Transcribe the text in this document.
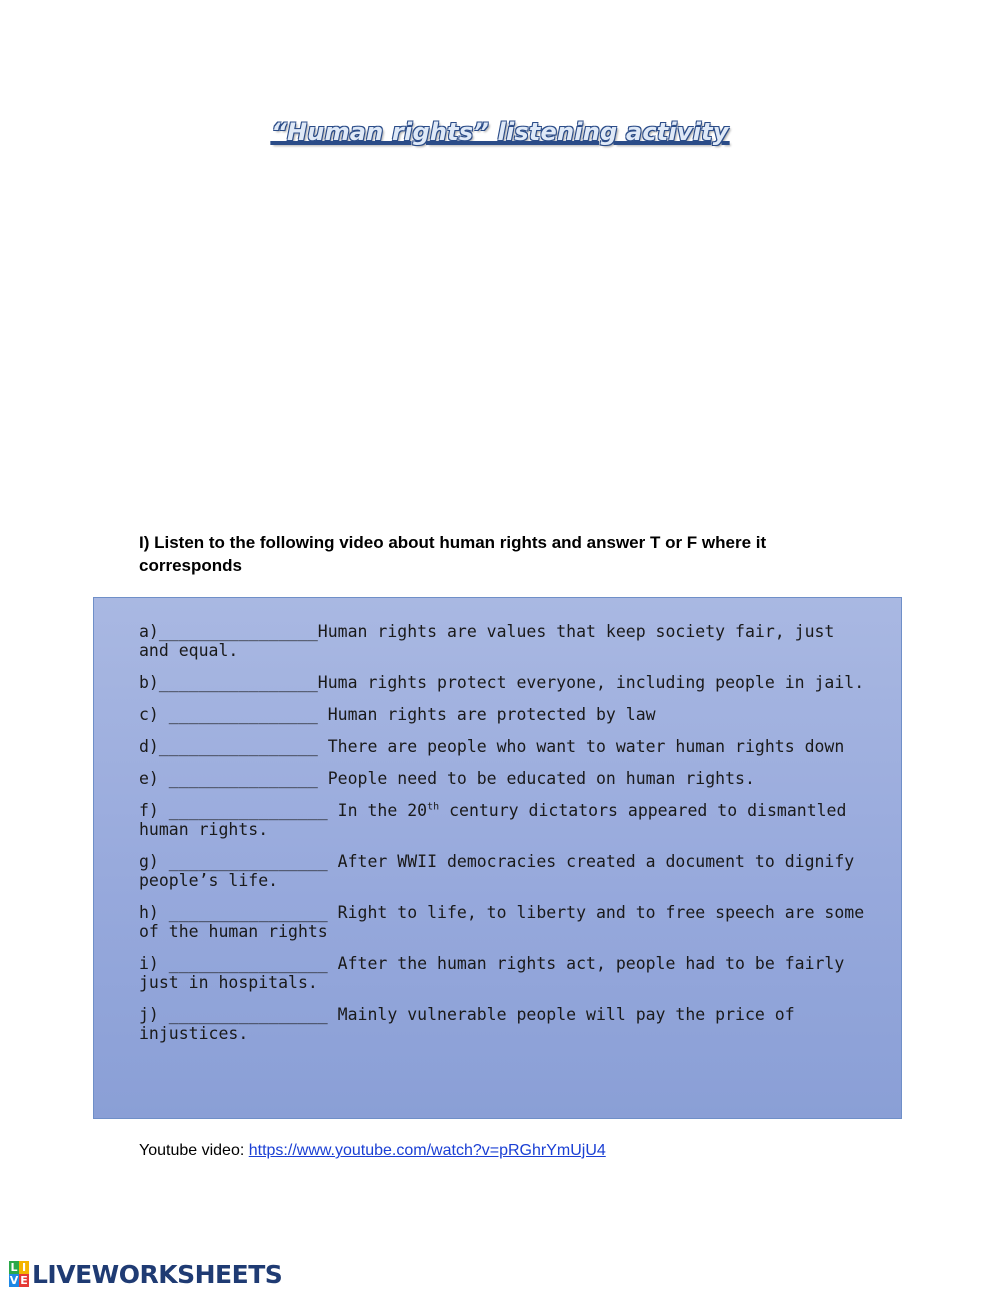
“Human rights” listening activity
I) Listen to the following video about human rights and answer T or F where it corresponds
a)________________Human rights are values that keep society fair, just and equal.
b)________________Huma rights protect everyone, including people in jail.
c) _______________ Human rights are protected by law
d)________________ There are people who want to water human rights down
e) _______________ People need to be educated on human rights.
f) ________________ In the 20th century dictators appeared to dismantled human rights.
g) ________________ After WWII democracies created a document to dignify people’s life.
h) ________________ Right to life, to liberty and to free speech are some of the human rights
i) ________________ After the human rights act, people had to be fairly just in hospitals.
j) ________________ Mainly vulnerable people will pay the price of injustices.
Youtube video: https://www.youtube.com/watch?v=pRGhrYmUjU4
L I
V E LIVEWORKSHEETS
